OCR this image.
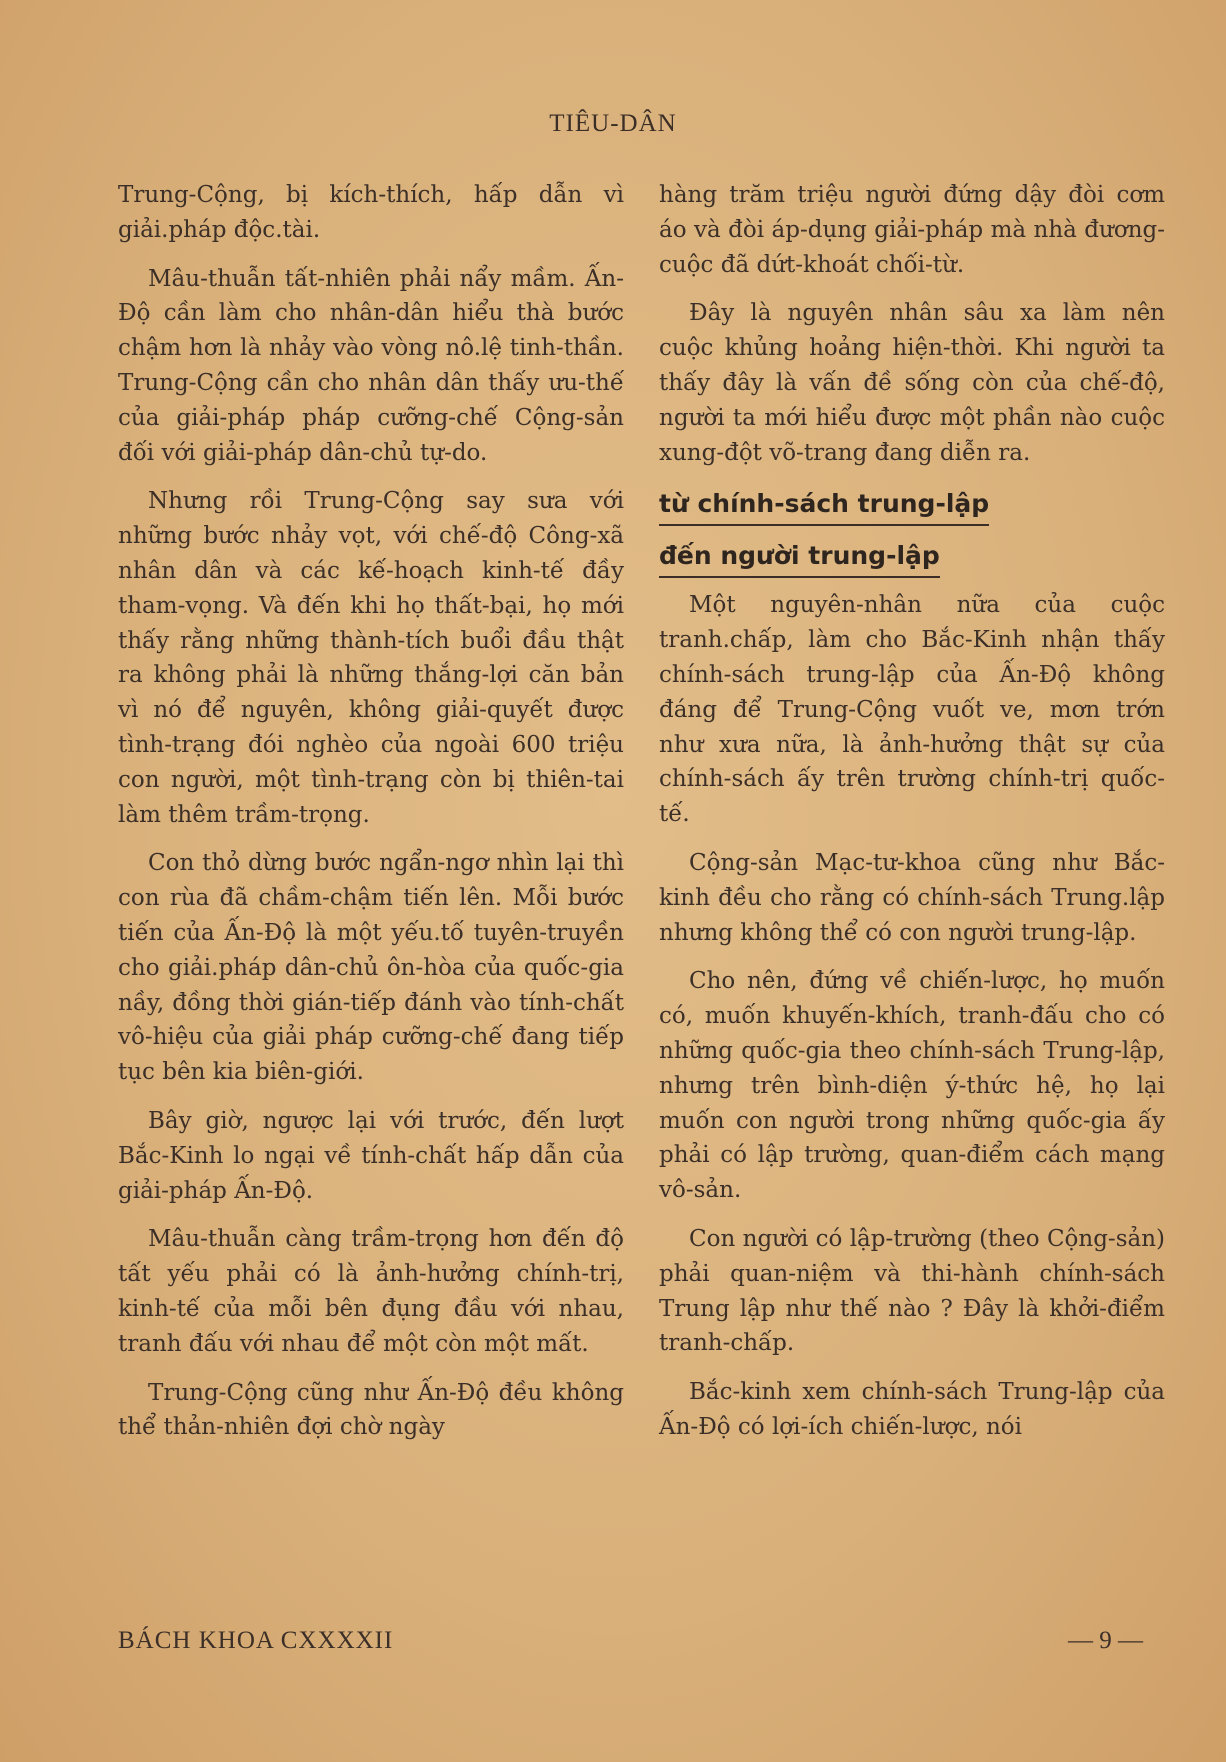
TIÊU-DÂN

Trung-Cộng, bị kích-thích, hấp dẫn vì giải.pháp độc.tài.

Mâu-thuẫn tất-nhiên phải nẩy mầm. Ấn-Độ cần làm cho nhân-dân hiểu thà bước chậm hơn là nhảy vào vòng nô.lệ tinh-thần. Trung-Cộng cần cho nhân dân thấy ưu-thế của giải-pháp pháp cưỡng-chế Cộng-sản đối với giải-pháp dân-chủ tự-do.

Nhưng rồi Trung-Cộng say sưa với những bước nhảy vọt, với chế-độ Công-xã nhân dân và các kế-hoạch kinh-tế đầy tham-vọng. Và đến khi họ thất-bại, họ mới thấy rằng những thành-tích buổi đầu thật ra không phải là những thắng-lợi căn bản vì nó để nguyên, không giải-quyết được tình-trạng đói nghèo của ngoài 600 triệu con người, một tình-trạng còn bị thiên-tai làm thêm trầm-trọng.

Con thỏ dừng bước ngẩn-ngơ nhìn lại thì con rùa đã chầm-chậm tiến lên. Mỗi bước tiến của Ấn-Độ là một yếu.tố tuyên-truyền cho giải.pháp dân-chủ ôn-hòa của quốc-gia nầy, đồng thời gián-tiếp đánh vào tính-chất vô-hiệu của giải pháp cưỡng-chế đang tiếp tục bên kia biên-giới.

Bây giờ, ngược lại với trước, đến lượt Bắc-Kinh lo ngại về tính-chất hấp dẫn của giải-pháp Ấn-Độ.

Mâu-thuẫn càng trầm-trọng hơn đến độ tất yếu phải có là ảnh-hưởng chính-trị, kinh-tế của mỗi bên đụng đầu với nhau, tranh đấu với nhau để một còn một mất.

Trung-Cộng cũng như Ấn-Độ đều không thể thản-nhiên đợi chờ ngày

hàng trăm triệu người đứng dậy đòi cơm áo và đòi áp-dụng giải-pháp mà nhà đương-cuộc đã dứt-khoát chối-từ.

Đây là nguyên nhân sâu xa làm nên cuộc khủng hoảng hiện-thời. Khi người ta thấy đây là vấn đề sống còn của chế-độ, người ta mới hiểu được một phần nào cuộc xung-đột võ-trang đang diễn ra.

từ chính-sách trung-lập
đến người trung-lập

Một nguyên-nhân nữa của cuộc tranh.chấp, làm cho Bắc-Kinh nhận thấy chính-sách trung-lập của Ấn-Độ không đáng để Trung-Cộng vuốt ve, mơn trớn như xưa nữa, là ảnh-hưởng thật sự của chính-sách ấy trên trường chính-trị quốc-tế.

Cộng-sản Mạc-tư-khoa cũng như Bắc-kinh đều cho rằng có chính-sách Trung.lập nhưng không thể có con người trung-lập.

Cho nên, đứng về chiến-lược, họ muốn có, muốn khuyến-khích, tranh-đấu cho có những quốc-gia theo chính-sách Trung-lập, nhưng trên bình-diện ý-thức hệ, họ lại muốn con người trong những quốc-gia ấy phải có lập trường, quan-điểm cách mạng vô-sản.

Con người có lập-trường (theo Cộng-sản) phải quan-niệm và thi-hành chính-sách Trung lập như thế nào ? Đây là khởi-điểm tranh-chấp.

Bắc-kinh xem chính-sách Trung-lập của Ấn-Độ có lợi-ích chiến-lược, nói

BÁCH KHOA CXXXXII	— 9 —
